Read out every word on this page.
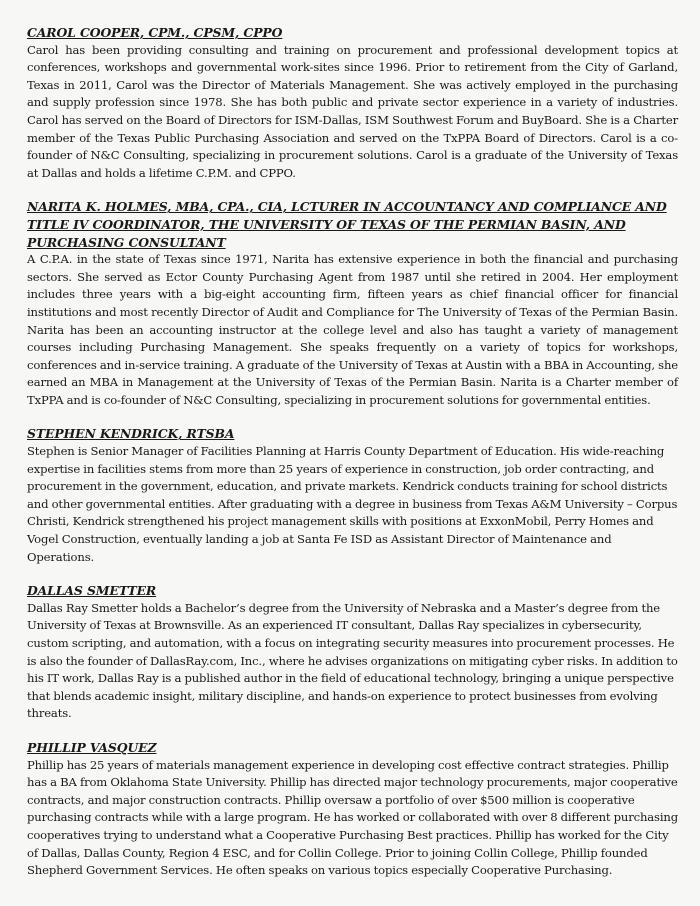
CAROL COOPER, CPM., CPSM, CPPO
Carol has been providing consulting and training on procurement and professional development topics at conferences, workshops and governmental work-sites since 1996. Prior to retirement from the City of Garland, Texas in 2011, Carol was the Director of Materials Management. She was actively employed in the purchasing and supply profession since 1978. She has both public and private sector experience in a variety of industries. Carol has served on the Board of Directors for ISM-Dallas, ISM Southwest Forum and BuyBoard. She is a Charter member of the Texas Public Purchasing Association and served on the TxPPA Board of Directors. Carol is a co-founder of N&C Consulting, specializing in procurement solutions. Carol is a graduate of the University of Texas at Dallas and holds a lifetime C.P.M. and CPPO.
NARITA K. HOLMES, MBA, CPA., CIA, LCTURER IN ACCOUNTANCY AND COMPLIANCE AND TITLE IV COORDINATOR, THE UNIVERSITY OF TEXAS OF THE PERMIAN BASIN, AND PURCHASING CONSULTANT
A C.P.A. in the state of Texas since 1971, Narita has extensive experience in both the financial and purchasing sectors. She served as Ector County Purchasing Agent from 1987 until she retired in 2004. Her employment includes three years with a big-eight accounting firm, fifteen years as chief financial officer for financial institutions and most recently Director of Audit and Compliance for The University of Texas of the Permian Basin. Narita has been an accounting instructor at the college level and also has taught a variety of management courses including Purchasing Management. She speaks frequently on a variety of topics for workshops, conferences and in-service training. A graduate of the University of Texas at Austin with a BBA in Accounting, she earned an MBA in Management at the University of Texas of the Permian Basin. Narita is a Charter member of TxPPA and is co-founder of N&C Consulting, specializing in procurement solutions for governmental entities.
STEPHEN KENDRICK, RTSBA
Stephen is Senior Manager of Facilities Planning at Harris County Department of Education. His wide-reaching expertise in facilities stems from more than 25 years of experience in construction, job order contracting, and procurement in the government, education, and private markets. Kendrick conducts training for school districts and other governmental entities. After graduating with a degree in business from Texas A&M University – Corpus Christi, Kendrick strengthened his project management skills with positions at ExxonMobil, Perry Homes and Vogel Construction, eventually landing a job at Santa Fe ISD as Assistant Director of Maintenance and Operations.
DALLAS SMETTER
Dallas Ray Smetter holds a Bachelor’s degree from the University of Nebraska and a Master’s degree from the University of Texas at Brownsville. As an experienced IT consultant, Dallas Ray specializes in cybersecurity, custom scripting, and automation, with a focus on integrating security measures into procurement processes. He is also the founder of DallasRay.com, Inc., where he advises organizations on mitigating cyber risks. In addition to his IT work, Dallas Ray is a published author in the field of educational technology, bringing a unique perspective that blends academic insight, military discipline, and hands-on experience to protect businesses from evolving threats.
PHILLIP VASQUEZ
Phillip has 25 years of materials management experience in developing cost effective contract strategies. Phillip has a BA from Oklahoma State University. Phillip has directed major technology procurements, major cooperative contracts, and major construction contracts. Phillip oversaw a portfolio of over $500 million is cooperative purchasing contracts while with a large program. He has worked or collaborated with over 8 different purchasing cooperatives trying to understand what a Cooperative Purchasing Best practices. Phillip has worked for the City of Dallas, Dallas County, Region 4 ESC, and for Collin College. Prior to joining Collin College, Phillip founded Shepherd Government Services. He often speaks on various topics especially Cooperative Purchasing.
